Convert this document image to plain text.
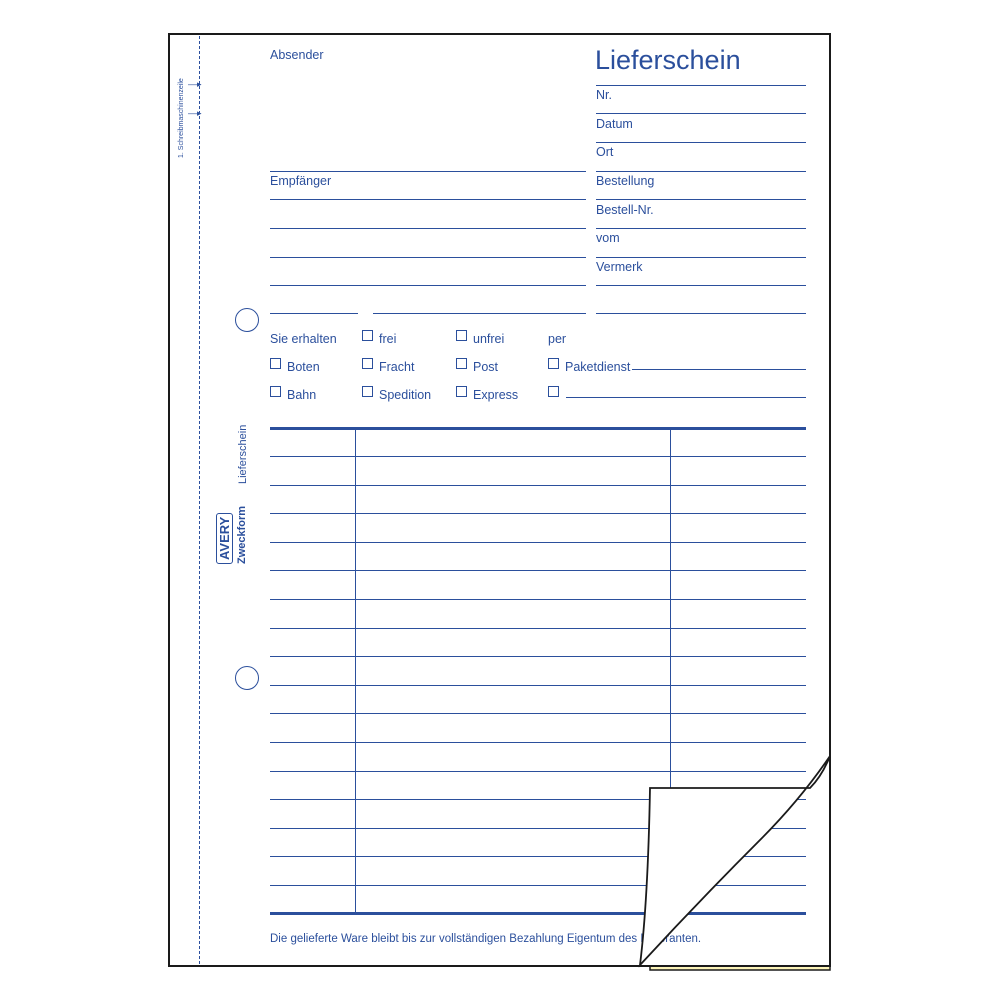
1. Schreibmaschinenzeile —▸
—▸
Lieferschein
AVERY Zweckform
Absender	Lieferschein
Empfänger
Nr.
Datum
Ort
Bestellung
Bestell-Nr.
vom
Vermerk
Sie erhalten	frei	unfrei	per
Boten	Fracht	Post	Paketdienst
Bahn	Spedition	Express
Die gelieferte Ware bleibt bis zur vollständigen Bezahlung Eigentum des Lieferanten.
